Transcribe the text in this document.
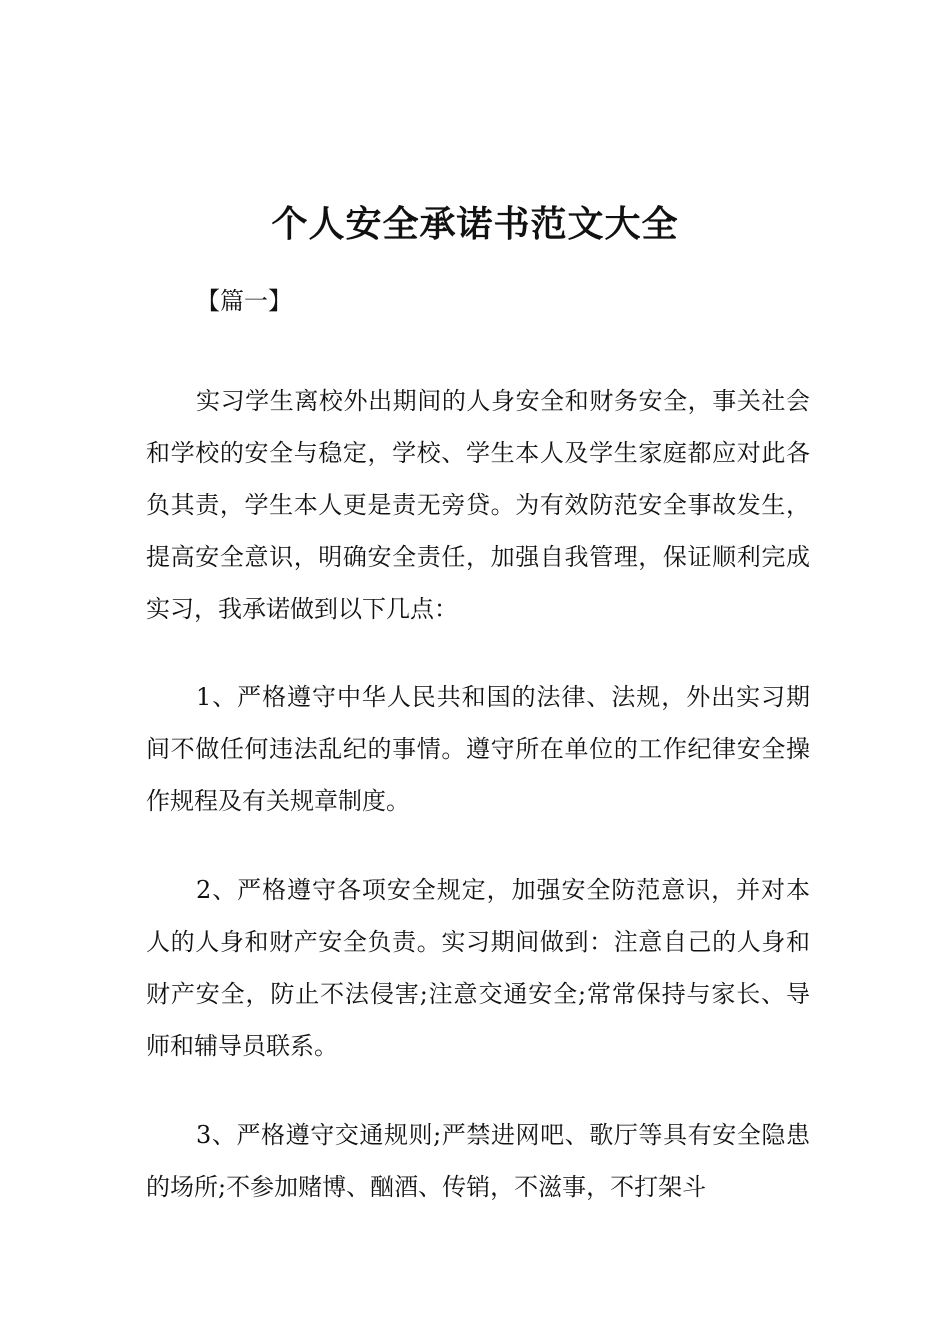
个人安全承诺书范文大全
【篇一】

实习学生离校外出期间的人身安全和财务安全，事关社会和学校的安全与稳定，学校、学生本人及学生家庭都应对此各负其责，学生本人更是责无旁贷。为有效防范安全事故发生，提高安全意识，明确安全责任，加强自我管理，保证顺利完成实习，我承诺做到以下几点：

1、严格遵守中华人民共和国的法律、法规，外出实习期间不做任何违法乱纪的事情。遵守所在单位的工作纪律安全操作规程及有关规章制度。

2、严格遵守各项安全规定，加强安全防范意识，并对本人的人身和财产安全负责。实习期间做到：注意自己的人身和财产安全，防止不法侵害;注意交通安全;常常保持与家长、导师和辅导员联系。

3、严格遵守交通规则;严禁进网吧、歌厅等具有安全隐患的场所;不参加赌博、酗酒、传销，不滋事，不打架斗
